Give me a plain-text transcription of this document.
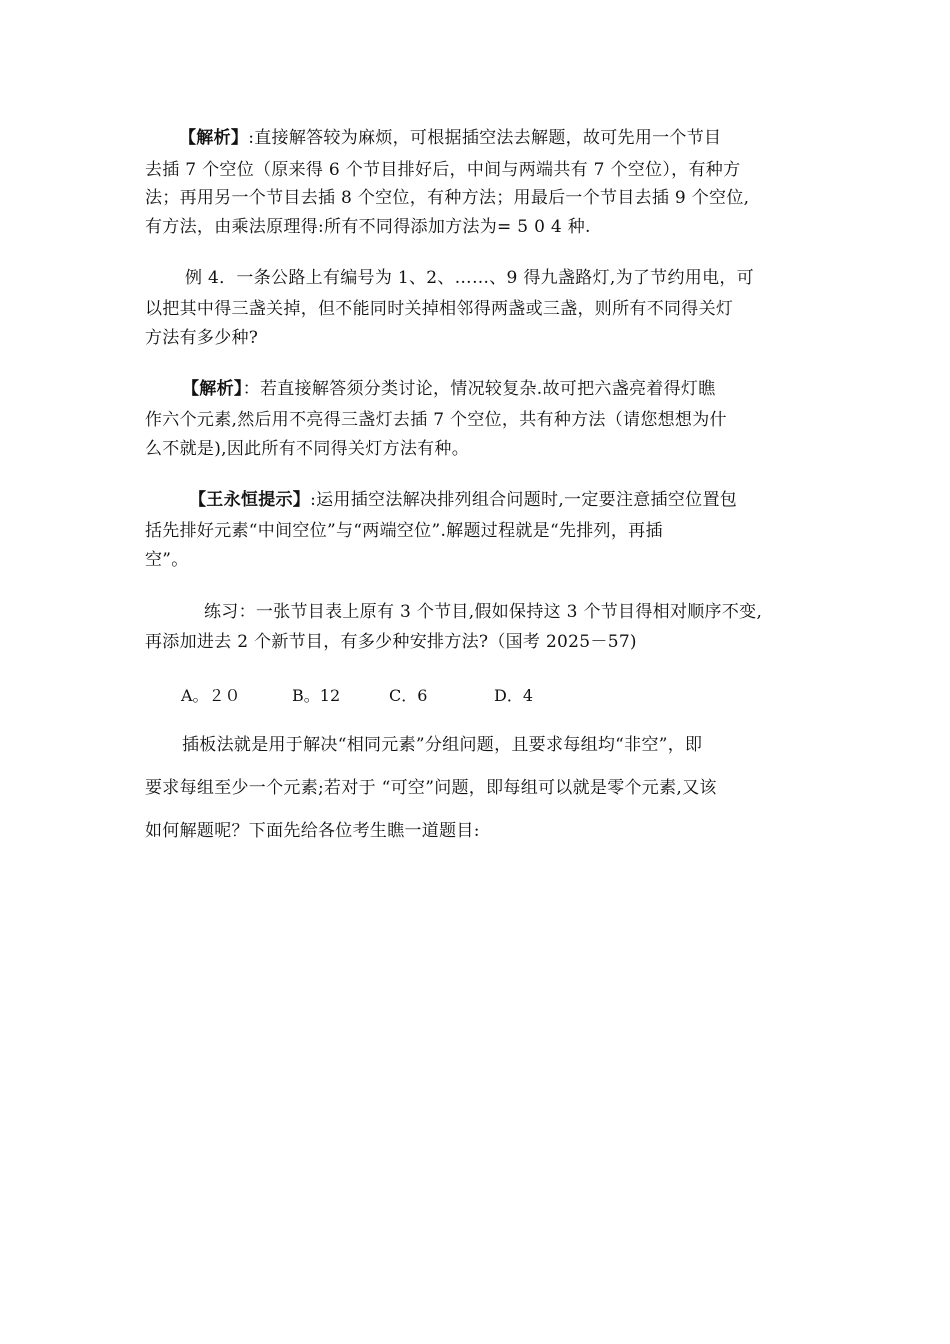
【解析】:直接解答较为麻烦，可根据插空法去解题，故可先用一个节目
去插 7 个空位（原来得 6 个节目排好后，中间与两端共有 7 个空位），有种方
法；再用另一个节目去插 8 个空位，有种方法；用最后一个节目去插 9 个空位,
有方法，由乘法原理得:所有不同得添加方法为= 5 0 4 种.
例 4．一条公路上有编号为 1、2、……、9 得九盏路灯,为了节约用电，可
以把其中得三盏关掉，但不能同时关掉相邻得两盏或三盏，则所有不同得关灯
方法有多少种?
【解析】：若直接解答须分类讨论，情况较复杂.故可把六盏亮着得灯瞧
作六个元素,然后用不亮得三盏灯去插 7 个空位，共有种方法（请您想想为什
么不就是),因此所有不同得关灯方法有种。
【王永恒提示】:运用插空法解决排列组合问题时,一定要注意插空位置包
括先排好元素“中间空位”与“两端空位”.解题过程就是“先排列，再插
空”。
练习：一张节目表上原有 3 个节目,假如保持这 3 个节目得相对顺序不变,
再添加进去 2 个新节目，有多少种安排方法?（国考 2025－57)
A。２０	B。12	C．6	D．4
插板法就是用于解决“相同元素”分组问题，且要求每组均“非空”，即
要求每组至少一个元素;若对于 “可空”问题，即每组可以就是零个元素,又该
如何解题呢？下面先给各位考生瞧一道题目:
